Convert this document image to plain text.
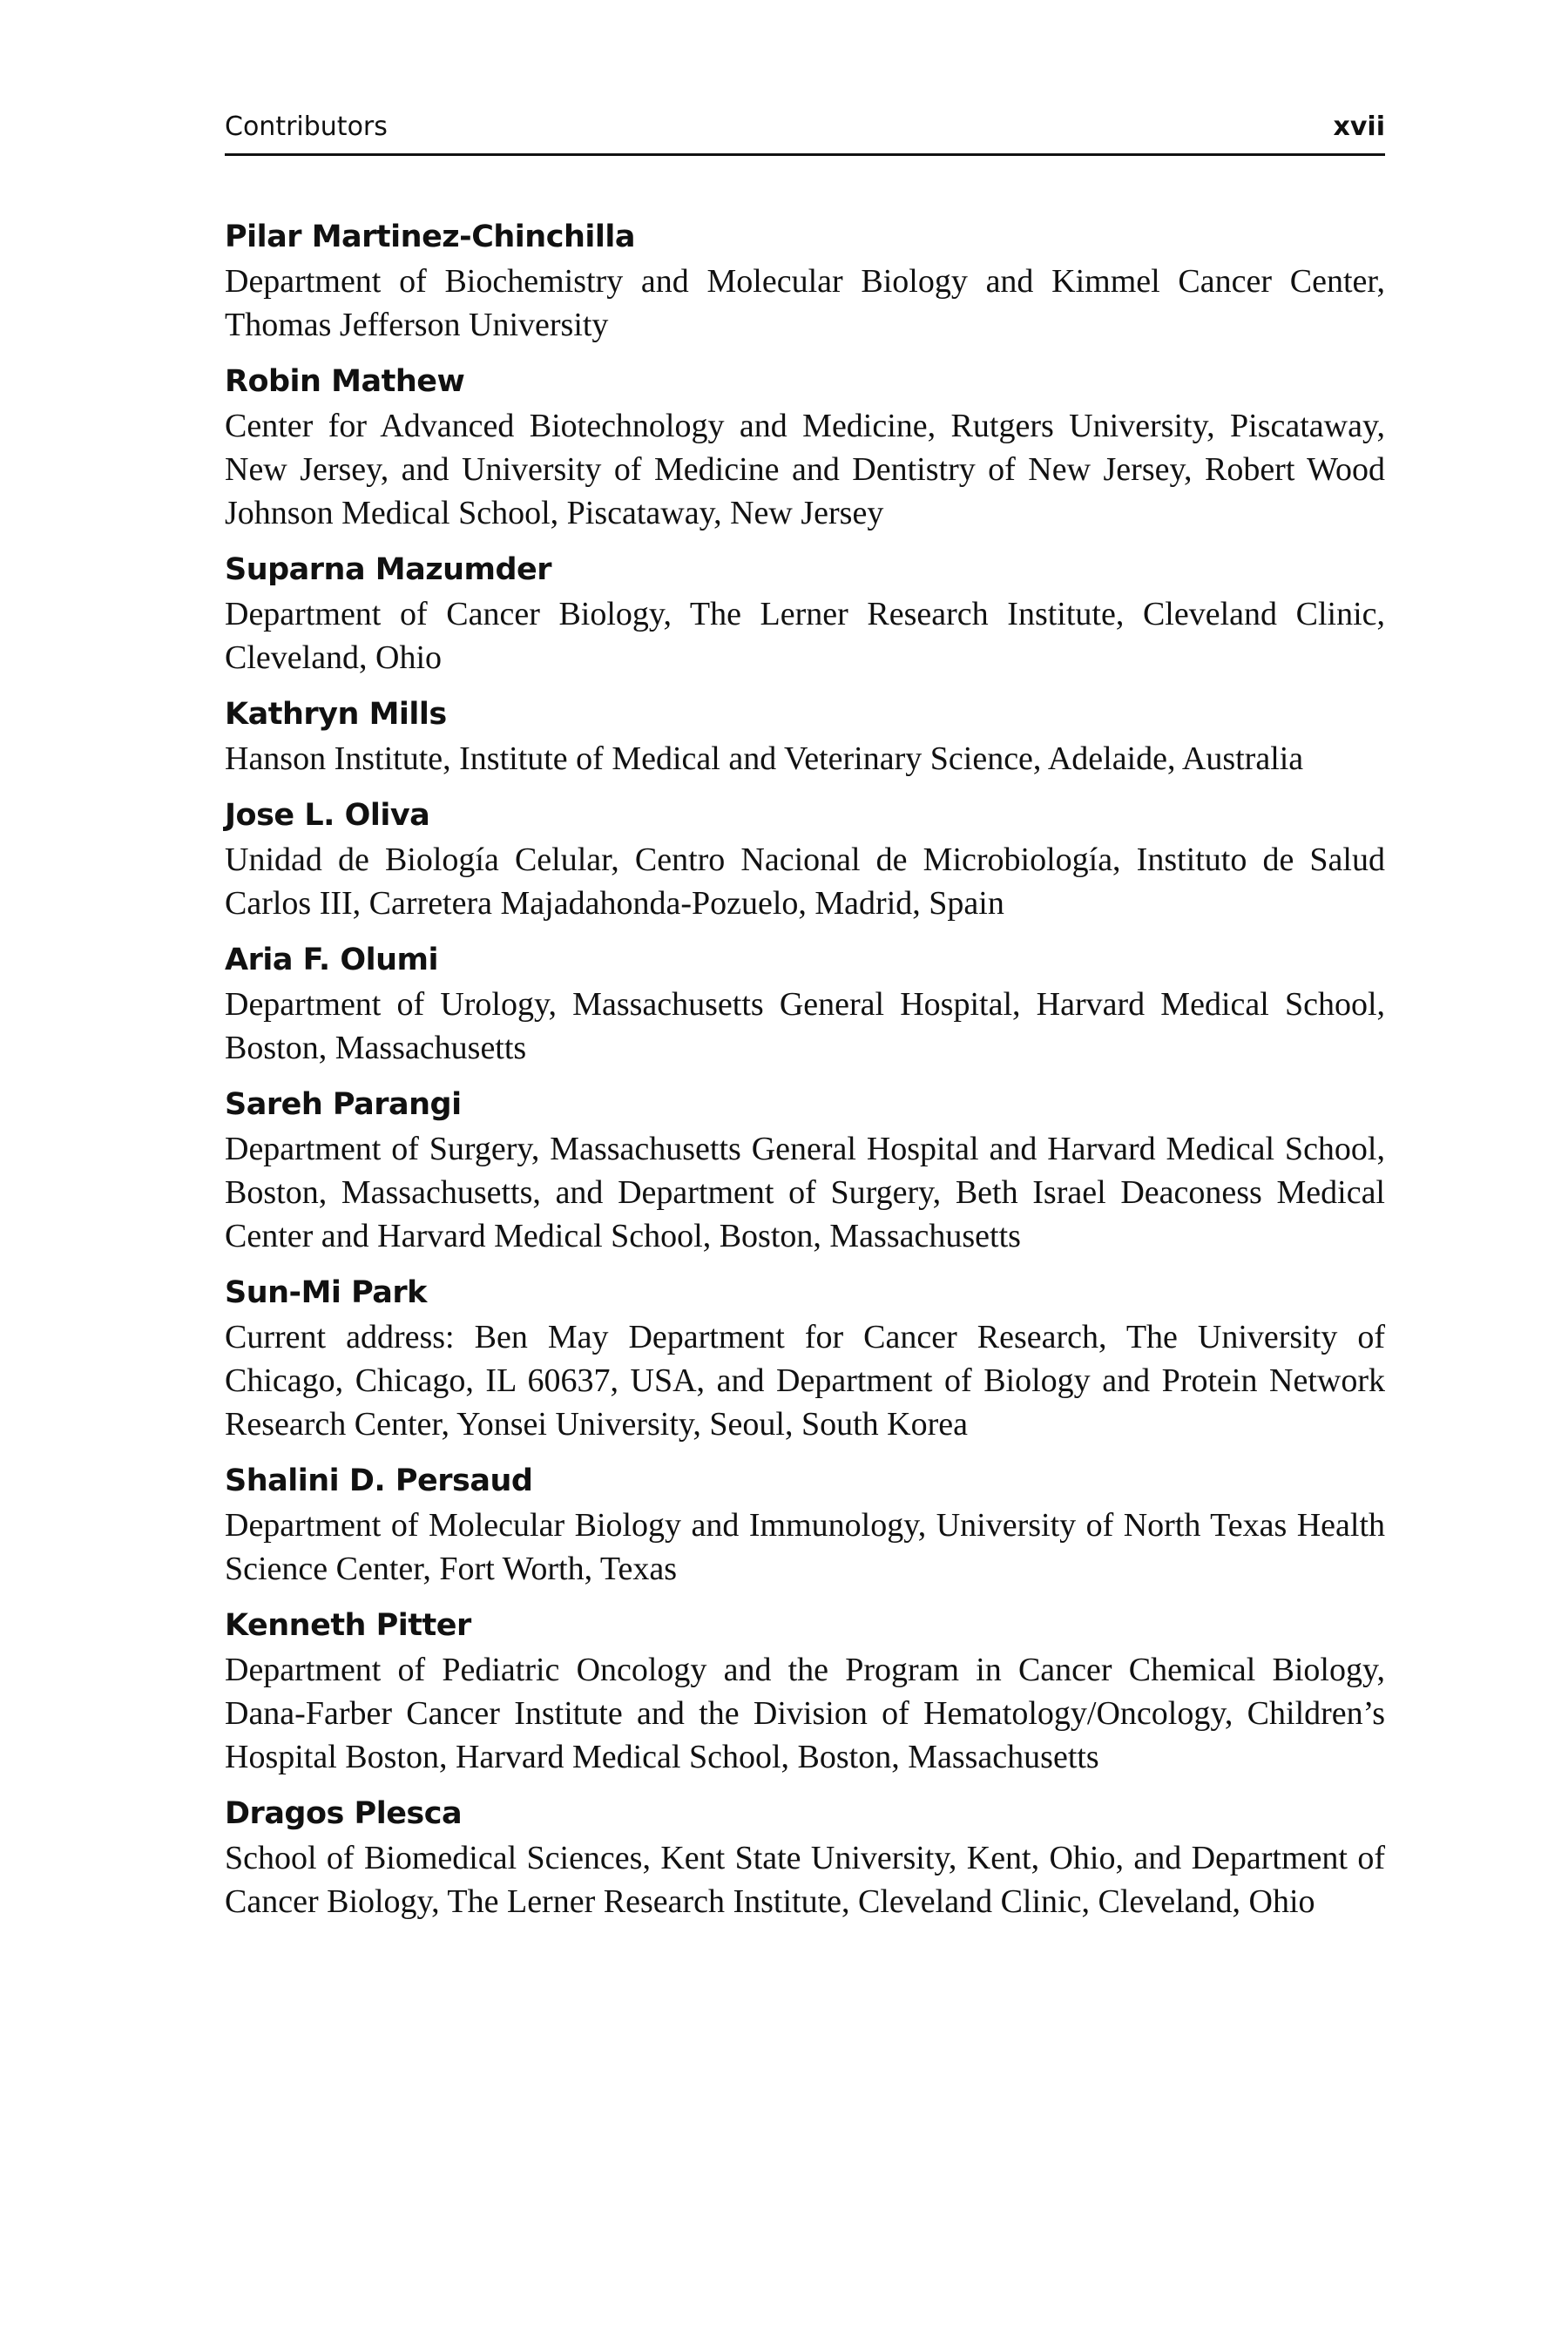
Contributors	xvii
Pilar Martinez-Chinchilla
Department of Biochemistry and Molecular Biology and Kimmel Cancer Center, Thomas Jefferson University
Robin Mathew
Center for Advanced Biotechnology and Medicine, Rutgers University, Piscataway, New Jersey, and University of Medicine and Dentistry of New Jersey, Robert Wood Johnson Medical School, Piscataway, New Jersey
Suparna Mazumder
Department of Cancer Biology, The Lerner Research Institute, Cleveland Clinic, Cleveland, Ohio
Kathryn Mills
Hanson Institute, Institute of Medical and Veterinary Science, Adelaide, Australia
Jose L. Oliva
Unidad de Biología Celular, Centro Nacional de Microbiología, Instituto de Salud Carlos III, Carretera Majadahonda-Pozuelo, Madrid, Spain
Aria F. Olumi
Department of Urology, Massachusetts General Hospital, Harvard Medical School, Boston, Massachusetts
Sareh Parangi
Department of Surgery, Massachusetts General Hospital and Harvard Medical School, Boston, Massachusetts, and Department of Surgery, Beth Israel Deaconess Medical Center and Harvard Medical School, Boston, Massachusetts
Sun-Mi Park
Current address: Ben May Department for Cancer Research, The University of Chicago, Chicago, IL 60637, USA, and Department of Biology and Protein Network Research Center, Yonsei University, Seoul, South Korea
Shalini D. Persaud
Department of Molecular Biology and Immunology, University of North Texas Health Science Center, Fort Worth, Texas
Kenneth Pitter
Department of Pediatric Oncology and the Program in Cancer Chemical Biology, Dana-Farber Cancer Institute and the Division of Hematology/Oncology, Children’s Hospital Boston, Harvard Medical School, Boston, Massachusetts
Dragos Plesca
School of Biomedical Sciences, Kent State University, Kent, Ohio, and Department of Cancer Biology, The Lerner Research Institute, Cleveland Clinic, Cleveland, Ohio
